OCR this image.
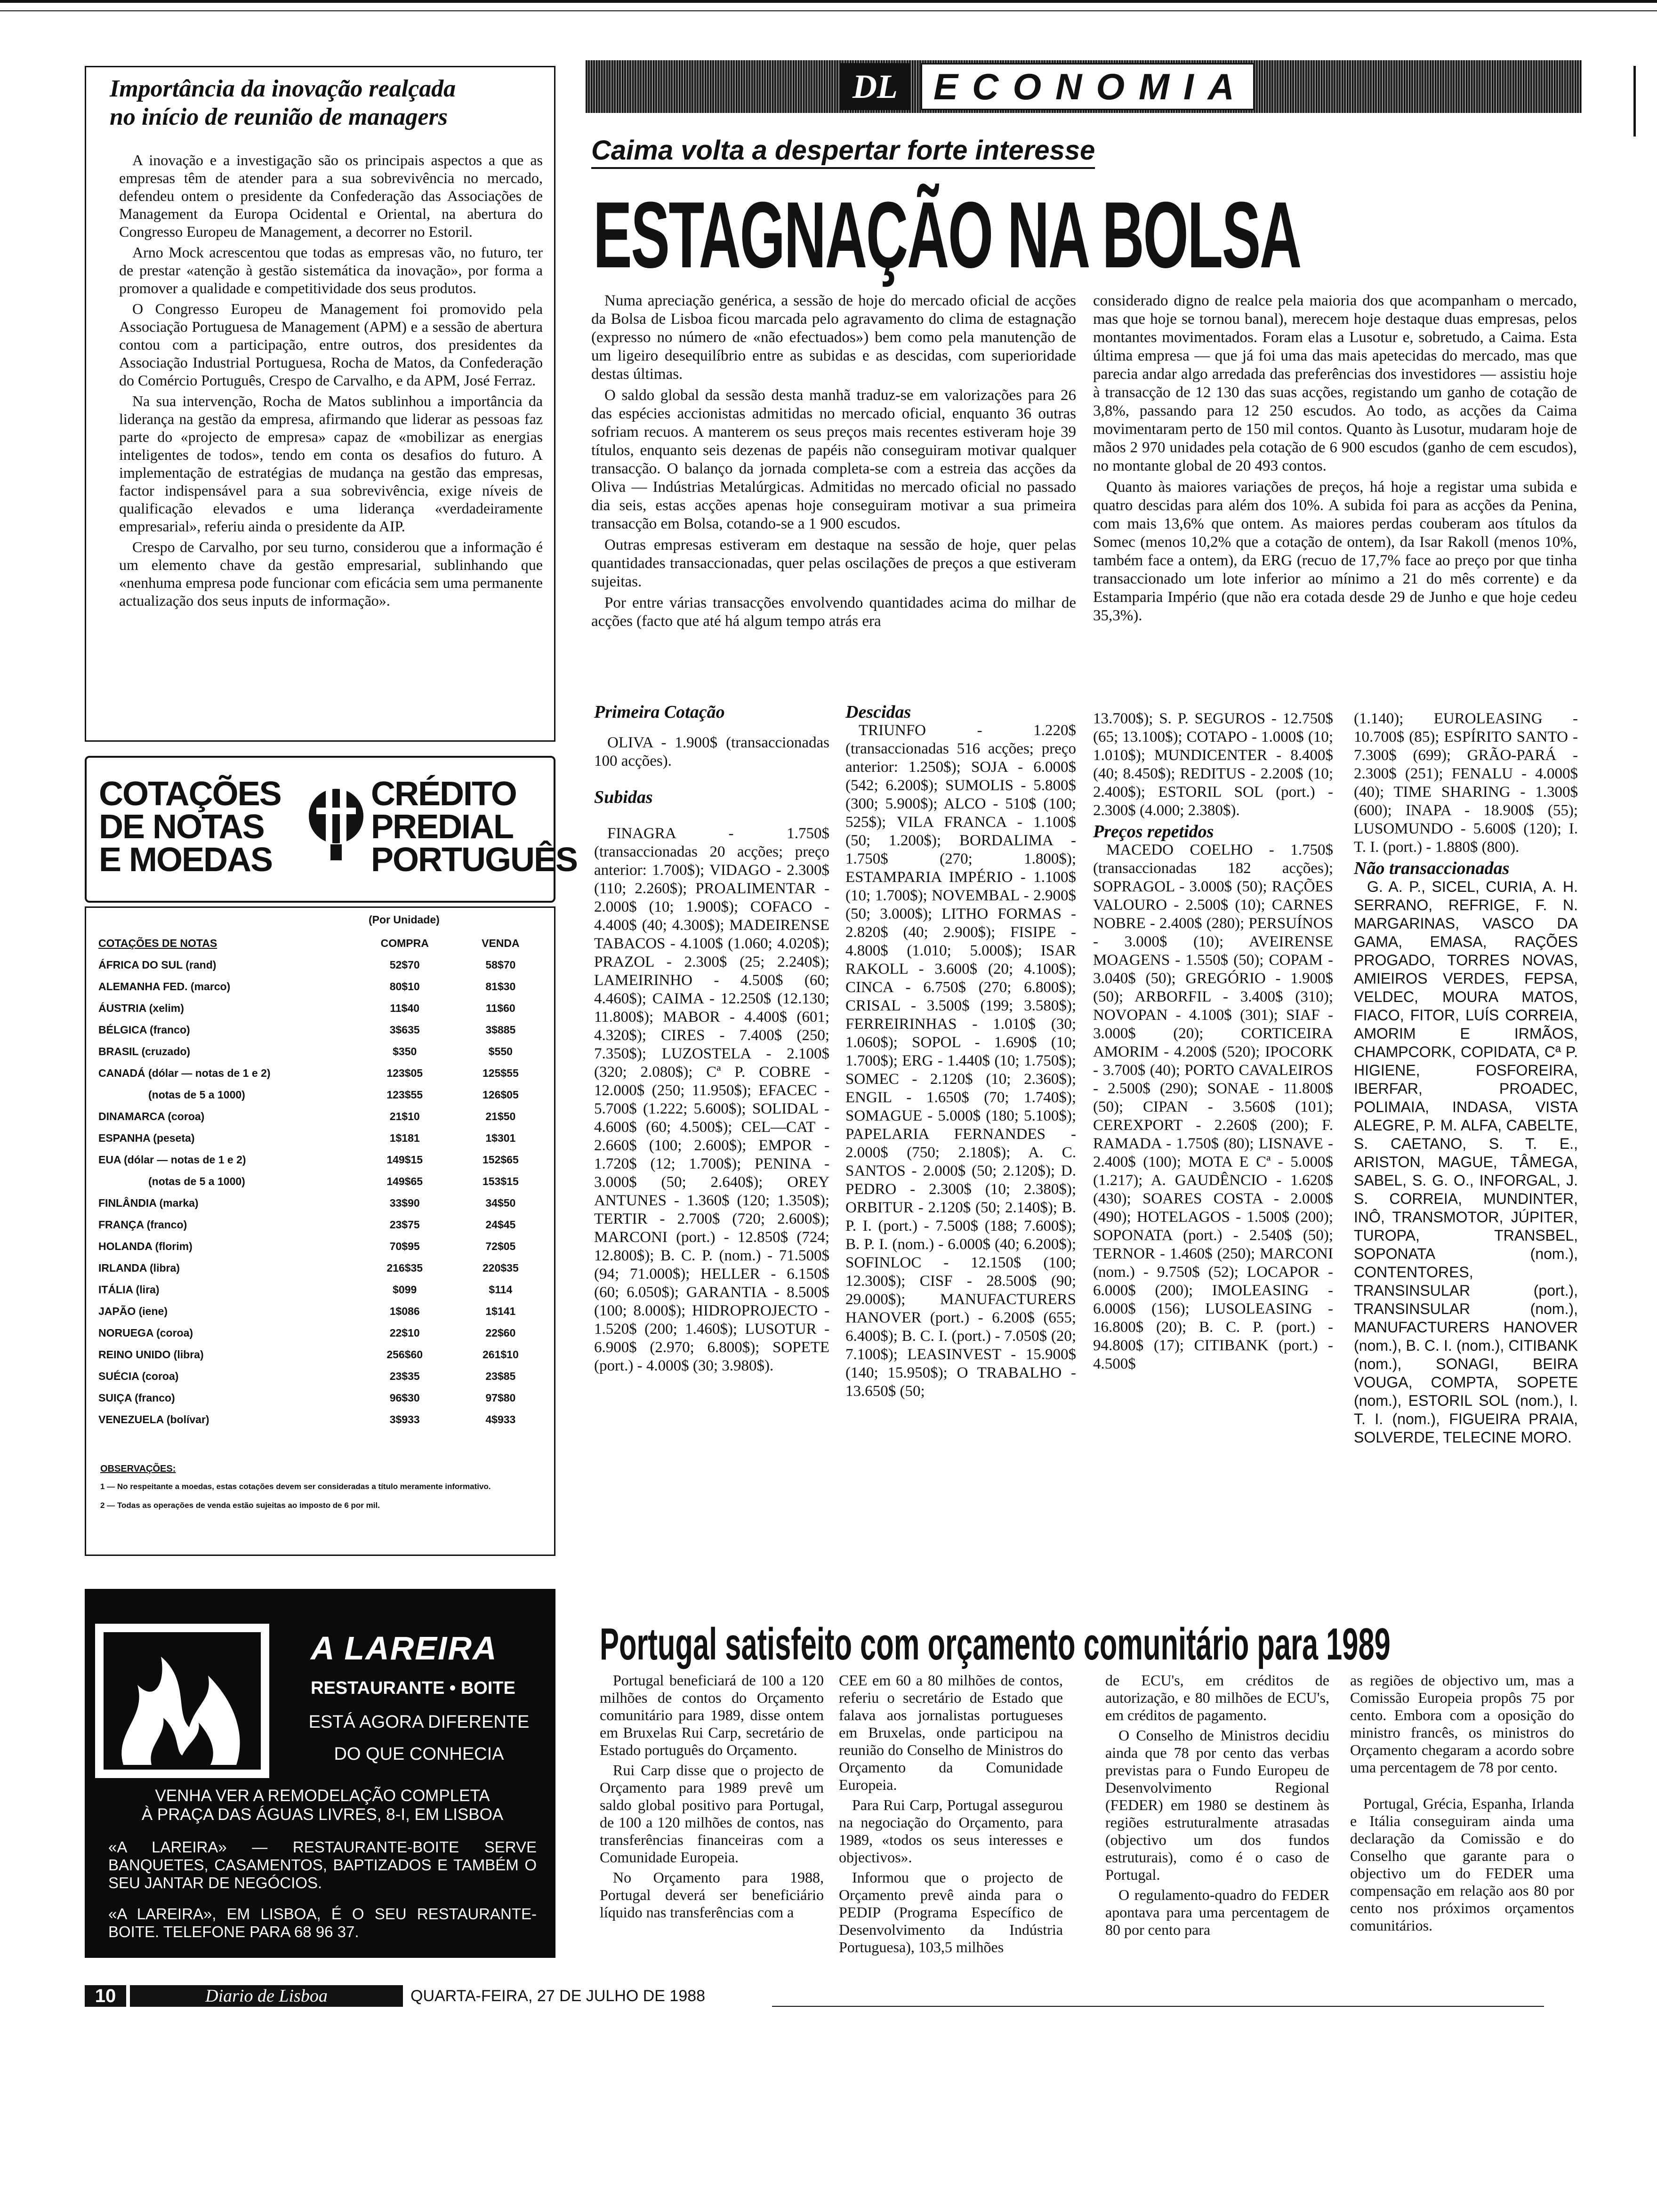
Importância da inovação realçada
no início de reunião de managers

A inovação e a investigação são os principais aspectos a que as empresas têm de atender para a sua sobrevivência no mercado, defendeu ontem o presidente da Confederação das Associações de Management da Europa Ocidental e Oriental, na abertura do Congresso Europeu de Management, a decorrer no Estoril.

Arno Mock acrescentou que todas as empresas vão, no futuro, ter de prestar «atenção à gestão sistemática da inovação», por forma a promover a qualidade e competitividade dos seus produtos.

O Congresso Europeu de Management foi promovido pela Associação Portuguesa de Management (APM) e a sessão de abertura contou com a participação, entre outros, dos presidentes da Associação Industrial Portuguesa, Rocha de Matos, da Confederação do Comércio Português, Crespo de Carvalho, e da APM, José Ferraz.

Na sua intervenção, Rocha de Matos sublinhou a importância da liderança na gestão da empresa, afirmando que liderar as pessoas faz parte do «projecto de empresa» capaz de «mobilizar as energias inteligentes de todos», tendo em conta os desafios do futuro. A implementação de estratégias de mudança na gestão das empresas, factor indispensável para a sua sobrevivência, exige níveis de qualificação elevados e uma liderança «verdadeiramente empresarial», referiu ainda o presidente da AIP.

Crespo de Carvalho, por seu turno, considerou que a informação é um elemento chave da gestão empresarial, sublinhando que «nenhuma empresa pode funcionar com eficácia sem uma permanente actualização dos seus inputs de informação».

COTAÇÕES
DE NOTAS
E MOEDAS
CRÉDITO
PREDIAL
PORTUGUÊS
(Por Unidade)
COTAÇÕES DE NOTAS	COMPRA	VENDA
ÁFRICA DO SUL (rand)	52$70	58$70
ALEMANHA FED. (marco)	80$10	81$30
ÁUSTRIA (xelim)	11$40	11$60
BÉLGICA (franco)	3$635	3$885
BRASIL (cruzado)	$350	$550
CANADÁ (dólar — notas de 1 e 2)	123$05	125$55
(notas de 5 a 1000)	123$55	126$05
DINAMARCA (coroa)	21$10	21$50
ESPANHA (peseta)	1$181	1$301
EUA (dólar — notas de 1 e 2)	149$15	152$65
(notas de 5 a 1000)	149$65	153$15
FINLÂNDIA (marka)	33$90	34$50
FRANÇA (franco)	23$75	24$45
HOLANDA (florim)	70$95	72$05
IRLANDA (libra)	216$35	220$35
ITÁLIA (lira)	$099	$114
JAPÃO (iene)	1$086	1$141
NORUEGA (coroa)	22$10	22$60
REINO UNIDO (libra)	256$60	261$10
SUÉCIA (coroa)	23$35	23$85
SUIÇA (franco)	96$30	97$80
VENEZUELA (bolívar)	3$933	4$933
OBSERVAÇÕES:
1 — No respeitante a moedas, estas cotações devem ser consideradas a título meramente informativo.
2 — Todas as operações de venda estão sujeitas ao imposto de 6 por mil.
A LAREIRA
RESTAURANTE • BOITE
ESTÁ AGORA DIFERENTE
DO QUE CONHECIA
VENHA VER A REMODELAÇÃO COMPLETA
À PRAÇA DAS ÁGUAS LIVRES, 8-I, EM LISBOA
«A LAREIRA» — RESTAURANTE-BOITE SERVE BANQUETES, CASAMENTOS, BAPTIZADOS E TAMBÉM O SEU JANTAR DE NEGÓCIOS.
«A LAREIRA», EM LISBOA, É O SEU RESTAURANTE-BOITE. TELEFONE PARA 68 96 37.
10	Diario de Lisboa	QUARTA-FEIRA, 27 DE JULHO DE 1988
DL ECONOMIA
Caima volta a despertar forte interesse
ESTAGNAÇÃO NA BOLSA

Numa apreciação genérica, a sessão de hoje do mercado oficial de acções da Bolsa de Lisboa ficou marcada pelo agravamento do clima de estagnação (expresso no número de «não efectuados») bem como pela manutenção de um ligeiro desequilíbrio entre as subidas e as descidas, com superioridade destas últimas.

O saldo global da sessão desta manhã traduz-se em valorizações para 26 das espécies accionistas admitidas no mercado oficial, enquanto 36 outras sofriam recuos. A manterem os seus preços mais recentes estiveram hoje 39 títulos, enquanto seis dezenas de papéis não conseguiram motivar qualquer transacção. O balanço da jornada completa-se com a estreia das acções da Oliva — Indústrias Metalúrgicas. Admitidas no mercado oficial no passado dia seis, estas acções apenas hoje conseguiram motivar a sua primeira transacção em Bolsa, cotando-se a 1 900 escudos.

Outras empresas estiveram em destaque na sessão de hoje, quer pelas quantidades transaccionadas, quer pelas oscilações de preços a que estiveram sujeitas.

Por entre várias transacções envolvendo quantidades acima do milhar de acções (facto que até há algum tempo atrás era

considerado digno de realce pela maioria dos que acompanham o mercado, mas que hoje se tornou banal), merecem hoje destaque duas empresas, pelos montantes movimentados. Foram elas a Lusotur e, sobretudo, a Caima. Esta última empresa — que já foi uma das mais apetecidas do mercado, mas que parecia andar algo arredada das preferências dos investidores — assistiu hoje à transacção de 12 130 das suas acções, registando um ganho de cotação de 3,8%, passando para 12 250 escudos. Ao todo, as acções da Caima movimentaram perto de 150 mil contos. Quanto às Lusotur, mudaram hoje de mãos 2 970 unidades pela cotação de 6 900 escudos (ganho de cem escudos), no montante global de 20 493 contos.

Quanto às maiores variações de preços, há hoje a registar uma subida e quatro descidas para além dos 10%. A subida foi para as acções da Penina, com mais 13,6% que ontem. As maiores perdas couberam aos títulos da Somec (menos 10,2% que a cotação de ontem), da Isar Rakoll (menos 10%, também face a ontem), da ERG (recuo de 17,7% face ao preço por que tinha transaccionado um lote inferior ao mínimo a 21 do mês corrente) e da Estamparia Império (que não era cotada desde 29 de Junho e que hoje cedeu 35,3%).

Primeira Cotação

OLIVA - 1.900$ (transaccionadas 100 acções).

Subidas

FINAGRA - 1.750$ (transaccionadas 20 acções; preço anterior: 1.700$); VIDAGO - 2.300$ (110; 2.260$); PROALIMENTAR - 2.000$ (10; 1.900$); COFACO - 4.400$ (40; 4.300$); MADEIRENSE TABACOS - 4.100$ (1.060; 4.020$); PRAZOL - 2.300$ (25; 2.240$); LAMEIRINHO - 4.500$ (60; 4.460$); CAIMA - 12.250$ (12.130; 11.800$); MABOR - 4.400$ (601; 4.320$); CIRES - 7.400$ (250; 7.350$); LUZOSTELA - 2.100$ (320; 2.080$); Cª P. COBRE - 12.000$ (250; 11.950$); EFACEC - 5.700$ (1.222; 5.600$); SOLIDAL - 4.600$ (60; 4.500$); CEL—CAT - 2.660$ (100; 2.600$); EMPOR - 1.720$ (12; 1.700$); PENINA - 3.000$ (50; 2.640$); OREY ANTUNES - 1.360$ (120; 1.350$); TERTIR - 2.700$ (720; 2.600$); MARCONI (port.) - 12.850$ (724; 12.800$); B. C. P. (nom.) - 71.500$ (94; 71.000$); HELLER - 6.150$ (60; 6.050$); GARANTIA - 8.500$ (100; 8.000$); HIDROPROJECTO - 1.520$ (200; 1.460$); LUSOTUR - 6.900$ (2.970; 6.800$); SOPETE (port.) - 4.000$ (30; 3.980$).

Descidas

TRIUNFO - 1.220$ (transaccionadas 516 acções; preço anterior: 1.250$); SOJA - 6.000$ (542; 6.200$); SUMOLIS - 5.800$ (300; 5.900$); ALCO - 510$ (100; 525$); VILA FRANCA - 1.100$ (50; 1.200$); BORDALIMA - 1.750$ (270; 1.800$); ESTAMPARIA IMPÉRIO - 1.100$ (10; 1.700$); NOVEMBAL - 2.900$ (50; 3.000$); LITHO FORMAS - 2.820$ (40; 2.900$); FISIPE - 4.800$ (1.010; 5.000$); ISAR RAKOLL - 3.600$ (20; 4.100$); CINCA - 6.750$ (270; 6.800$); CRISAL - 3.500$ (199; 3.580$); FERREIRINHAS - 1.010$ (30; 1.060$); SOPOL - 1.690$ (10; 1.700$); ERG - 1.440$ (10; 1.750$); SOMEC - 2.120$ (10; 2.360$); ENGIL - 1.650$ (70; 1.740$); SOMAGUE - 5.000$ (180; 5.100$); PAPELARIA FERNANDES - 2.000$ (750; 2.180$); A. C. SANTOS - 2.000$ (50; 2.120$); D. PEDRO - 2.300$ (10; 2.380$); ORBITUR - 2.120$ (50; 2.140$); B. P. I. (port.) - 7.500$ (188; 7.600$); B. P. I. (nom.) - 6.000$ (40; 6.200$); SOFINLOC - 12.150$ (100; 12.300$); CISF - 28.500$ (90; 29.000$); MANUFACTURERS HANOVER (port.) - 6.200$ (655; 6.400$); B. C. I. (port.) - 7.050$ (20; 7.100$); LEASINVEST - 15.900$ (140; 15.950$); O TRABALHO - 13.650$ (50;

13.700$); S. P. SEGUROS - 12.750$ (65; 13.100$); COTAPO - 1.000$ (10; 1.010$); MUNDICENTER - 8.400$ (40; 8.450$); REDITUS - 2.200$ (10; 2.400$); ESTORIL SOL (port.) - 2.300$ (4.000; 2.380$).

Preços repetidos

MACEDO COELHO - 1.750$ (transaccionadas 182 acções); SOPRAGOL - 3.000$ (50); RAÇÕES VALOURO - 2.500$ (10); CARNES NOBRE - 2.400$ (280); PERSUÍNOS - 3.000$ (10); AVEIRENSE MOAGENS - 1.550$ (50); COPAM - 3.040$ (50); GREGÓRIO - 1.900$ (50); ARBORFIL - 3.400$ (310); NOVOPAN - 4.100$ (301); SIAF - 3.000$ (20); CORTICEIRA AMORIM - 4.200$ (520); IPOCORK - 3.700$ (40); PORTO CAVALEIROS - 2.500$ (290); SONAE - 11.800$ (50); CIPAN - 3.560$ (101); CEREXPORT - 2.260$ (200); F. RAMADA - 1.750$ (80); LISNAVE - 2.400$ (100); MOTA E Cª - 5.000$ (1.217); A. GAUDÊNCIO - 1.620$ (430); SOARES COSTA - 2.000$ (490); HOTELAGOS - 1.500$ (200); SOPONATA (port.) - 2.540$ (50); TERNOR - 1.460$ (250); MARCONI (nom.) - 9.750$ (52); LOCAPOR - 6.000$ (200); IMOLEASING - 6.000$ (156); LUSOLEASING - 16.800$ (20); B. C. P. (port.) - 94.800$ (17); CITIBANK (port.) - 4.500$

(1.140); EUROLEASING - 10.700$ (85); ESPÍRITO SANTO - 7.300$ (699); GRÃO-PARÁ - 2.300$ (251); FENALU - 4.000$ (40); TIME SHARING - 1.300$ (600); INAPA - 18.900$ (55); LUSOMUNDO - 5.600$ (120); I. T. I. (port.) - 1.880$ (800).

Não transaccionadas

G. A. P., SICEL, CURIA, A. H. SERRANO, REFRIGE, F. N. MARGARINAS, VASCO DA GAMA, EMASA, RAÇÕES PROGADO, TORRES NOVAS, AMIEIROS VERDES, FEPSA, VELDEC, MOURA MATOS, FIACO, FITOR, LUÍS CORREIA, AMORIM E IRMÃOS, CHAMPCORK, COPIDATA, Cª P. HIGIENE, FOSFOREIRA, IBERFAR, PROADEC, POLIMAIA, INDASA, VISTA ALEGRE, P. M. ALFA, CABELTE, S. CAETANO, S. T. E., ARISTON, MAGUE, TÂMEGA, SABEL, S. G. O., INFORGAL, J. S. CORREIA, MUNDINTER, INÔ, TRANSMOTOR, JÚPITER, TUROPA, TRANSBEL, SOPONATA (nom.), CONTENTORES, TRANSINSULAR (port.), TRANSINSULAR (nom.), MANUFACTURERS HANOVER (nom.), B. C. I. (nom.), CITIBANK (nom.), SONAGI, BEIRA VOUGA, COMPTA, SOPETE (nom.), ESTORIL SOL (nom.), I. T. I. (nom.), FIGUEIRA PRAIA, SOLVERDE, TELECINE MORO.

Portugal satisfeito com orçamento comunitário para 1989

Portugal beneficiará de 100 a 120 milhões de contos do Orçamento comunitário para 1989, disse ontem em Bruxelas Rui Carp, secretário de Estado português do Orçamento.

Rui Carp disse que o projecto de Orçamento para 1989 prevê um saldo global positivo para Portugal, de 100 a 120 milhões de contos, nas transferências financeiras com a Comunidade Europeia.

No Orçamento para 1988, Portugal deverá ser beneficiário líquido nas transferências com a

CEE em 60 a 80 milhões de contos, referiu o secretário de Estado que falava aos jornalistas portugueses em Bruxelas, onde participou na reunião do Conselho de Ministros do Orçamento da Comunidade Europeia.

Para Rui Carp, Portugal assegurou na negociação do Orçamento, para 1989, «todos os seus interesses e objectivos».

Informou que o projecto de Orçamento prevê ainda para o PEDIP (Programa Específico de Desenvolvimento da Indústria Portuguesa), 103,5 milhões

de ECU's, em créditos de autorização, e 80 milhões de ECU's, em créditos de pagamento.

O Conselho de Ministros decidiu ainda que 78 por cento das verbas previstas para o Fundo Europeu de Desenvolvimento Regional (FEDER) em 1980 se destinem às regiões estruturalmente atrasadas (objectivo um dos fundos estruturais), como é o caso de Portugal.

O regulamento-quadro do FEDER apontava para uma percentagem de 80 por cento para

as regiões de objectivo um, mas a Comissão Europeia propôs 75 por cento. Embora com a oposição do ministro francês, os ministros do Orçamento chegaram a acordo sobre uma percentagem de 78 por cento.

Portugal, Grécia, Espanha, Irlanda e Itália conseguiram ainda uma declaração da Comissão e do Conselho que garante para o objectivo um do FEDER uma compensação em relação aos 80 por cento nos próximos orçamentos comunitários.
